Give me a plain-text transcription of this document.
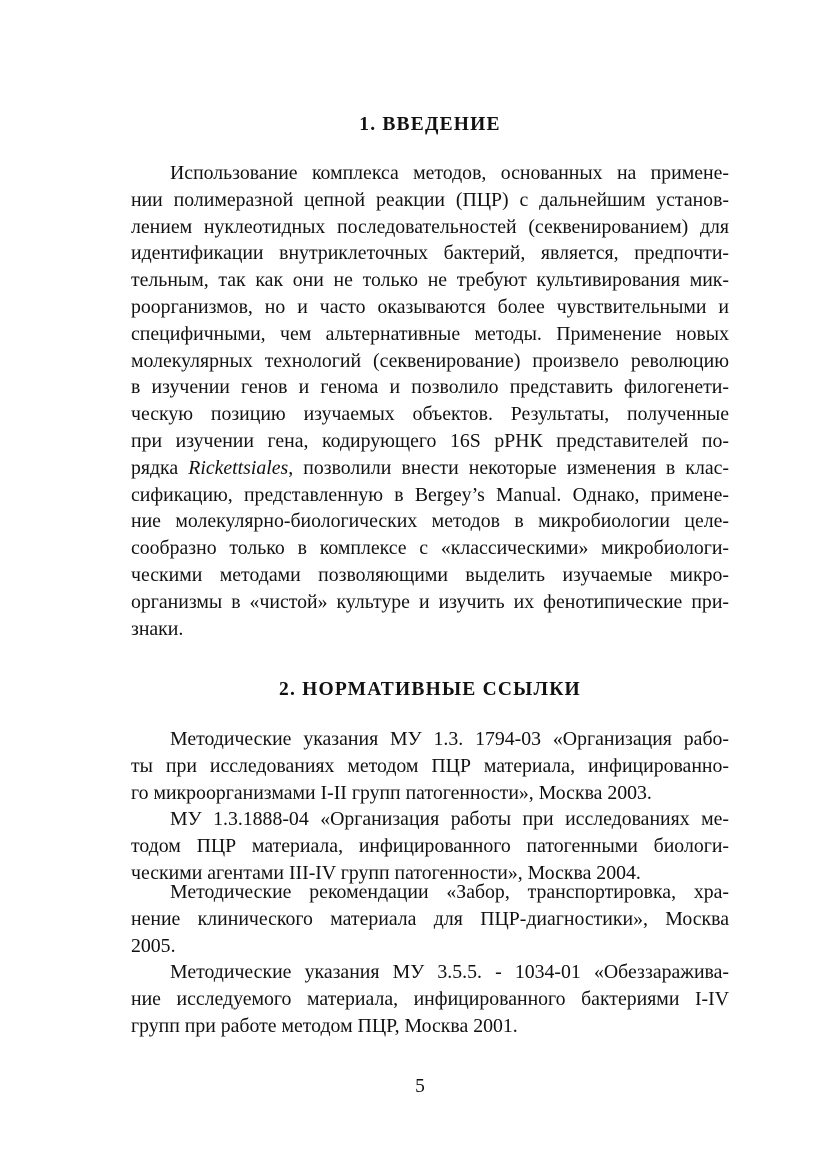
1. ВВЕДЕНИЕ
Использование комплекса методов, основанных на примене-
нии полимеразной цепной реакции (ПЦР) с дальнейшим установ-
лением нуклеотидных последовательностей (секвенированием) для
идентификации внутриклеточных бактерий, является, предпочти-
тельным, так как они не только не требуют культивирования мик-
роорганизмов, но и часто оказываются более чувствительными и
специфичными, чем альтернативные методы. Применение новых
молекулярных технологий (секвенирование) произвело революцию
в изучении генов и генома и позволило представить филогенети-
ческую позицию изучаемых объектов. Результаты, полученные
при изучении гена, кодирующего 16S рРНК представителей по-
рядка Rickettsiales, позволили внести некоторые изменения в клас-
сификацию, представленную в Bergey’s Manual. Однако, примене-
ние молекулярно-биологических методов в микробиологии целе-
сообразно только в комплексе с «классическими» микробиологи-
ческими методами позволяющими выделить изучаемые микро-
организмы в «чистой» культуре и изучить их фенотипические при-
знаки.
2. НОРМАТИВНЫЕ ССЫЛКИ
Методические указания МУ 1.3. 1794-03 «Организация рабо-
ты при исследованиях методом ПЦР материала, инфицированно-
го микроорганизмами I-II групп патогенности», Москва 2003.
МУ 1.3.1888-04 «Организация работы при исследованиях ме-
тодом ПЦР материала, инфицированного патогенными биологи-
ческими агентами III-IV групп патогенности», Москва 2004.
Методические рекомендации «Забор, транспортировка, хра-
нение клинического материала для ПЦР-диагностики», Москва
2005.
Методические указания МУ 3.5.5. - 1034-01 «Обеззаражива-
ние исследуемого материала, инфицированного бактериями I-IV
групп при работе методом ПЦР, Москва 2001.
5
